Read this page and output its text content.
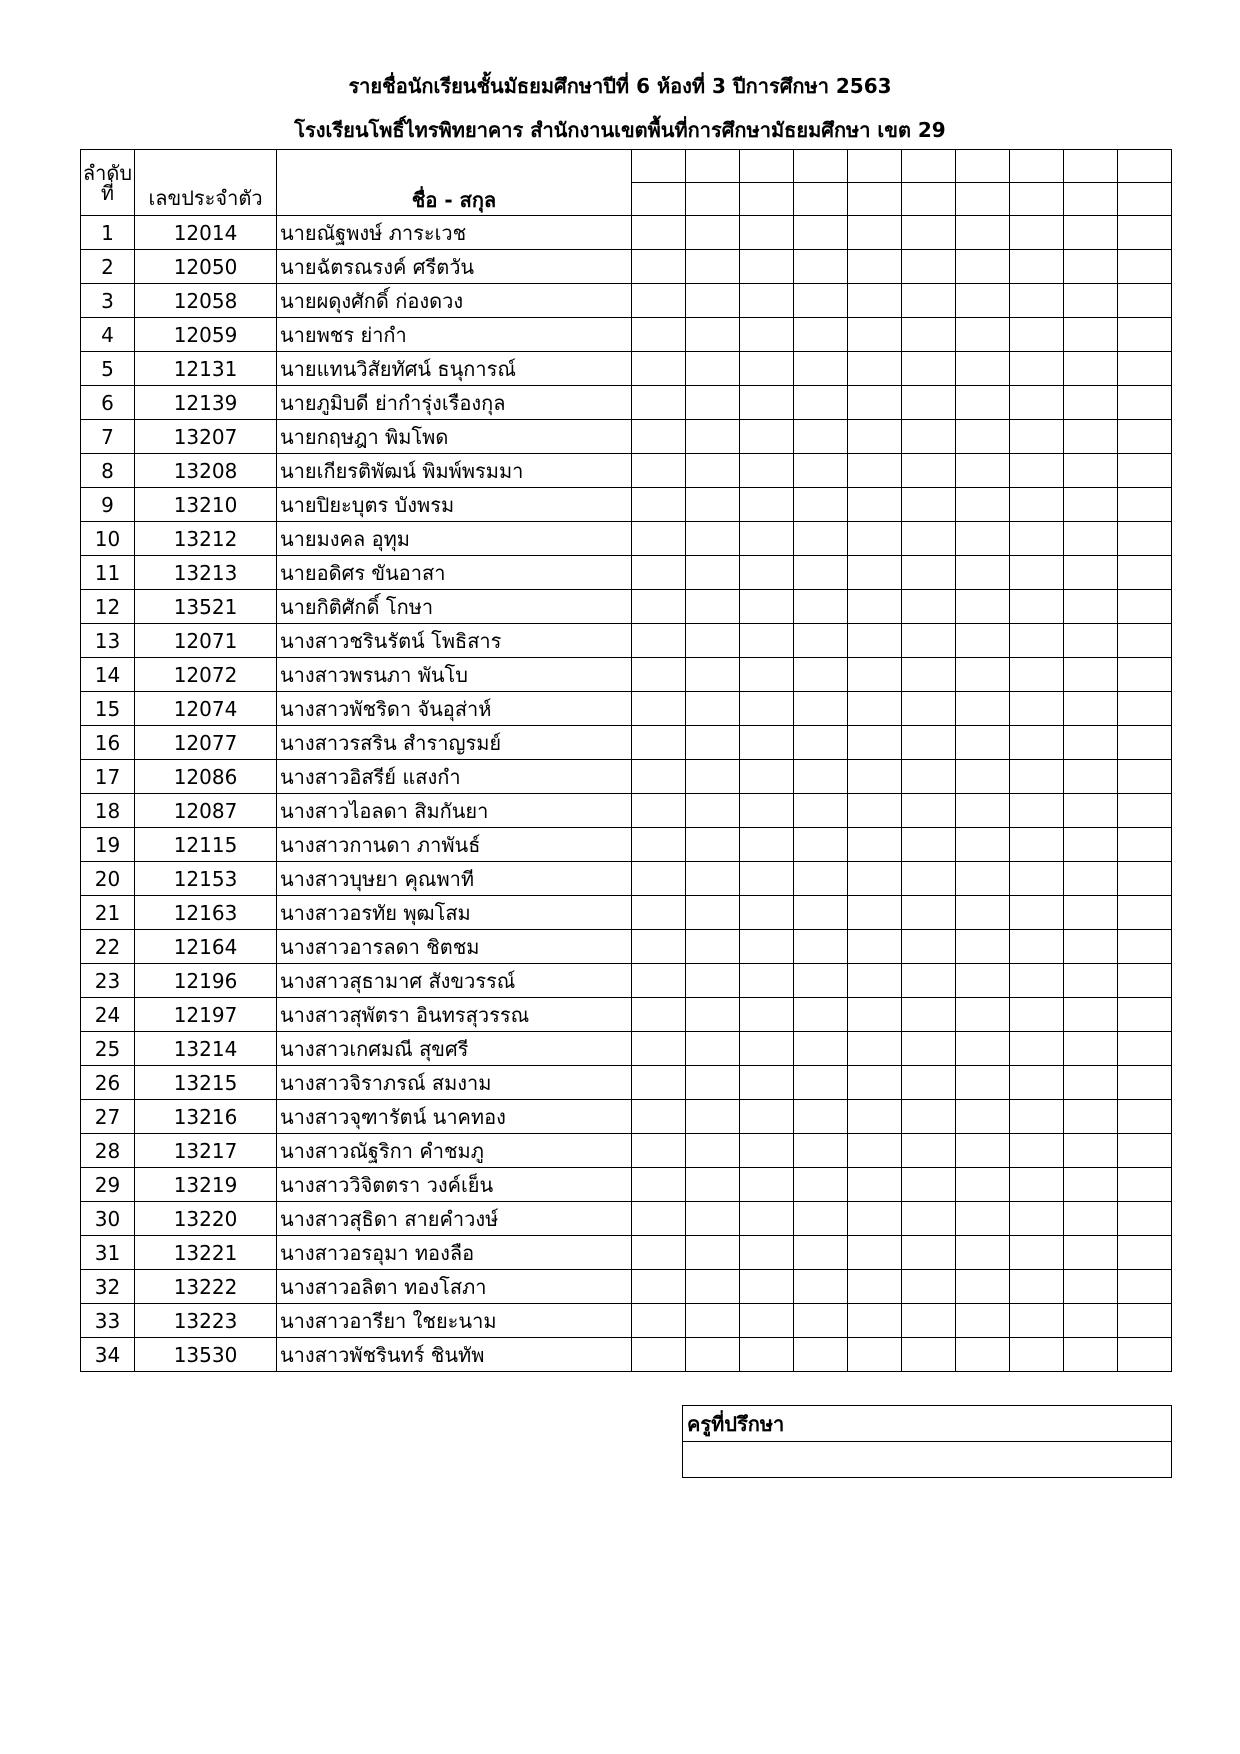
รายชื่อนักเรียนชั้นมัธยมศึกษาปีที่ 6 ห้องที่ 3 ปีการศึกษา 2563
โรงเรียนโพธิ์ไทรพิทยาคาร สำนักงานเขตพื้นที่การศึกษามัธยมศึกษา เขต 29
ลำดับ
ที่	เลขประจำตัว	ชื่อ - สกุล										

1	12014	นายณัฐพงษ์ ภาระเวช										
2	12050	นายฉัตรณรงค์ ศรีตวัน										
3	12058	นายผดุงศักดิ์ ก่องดวง										
4	12059	นายพชร ย่ากำ										
5	12131	นายแทนวิสัยทัศน์ ธนุการณ์										
6	12139	นายภูมิบดี ย่ากำรุ่งเรืองกุล										
7	13207	นายกฤษฎา พิมโพด										
8	13208	นายเกียรติพัฒน์ พิมพ์พรมมา										
9	13210	นายปิยะบุตร บังพรม										
10	13212	นายมงคล อุทุม										
11	13213	นายอดิศร ขันอาสา										
12	13521	นายกิติศักดิ์ โกษา										
13	12071	นางสาวชรินรัตน์ โพธิสาร										
14	12072	นางสาวพรนภา พันโบ										
15	12074	นางสาวพัชริดา จันอุส่าห์										
16	12077	นางสาวรสริน สำราญรมย์										
17	12086	นางสาวอิสรีย์ แสงกำ										
18	12087	นางสาวไอลดา สิมกันยา										
19	12115	นางสาวกานดา ภาพันธ์										
20	12153	นางสาวบุษยา คุณพาที										
21	12163	นางสาวอรทัย พุฒโสม										
22	12164	นางสาวอารลดา ชิตชม										
23	12196	นางสาวสุธามาศ สังขวรรณ์										
24	12197	นางสาวสุพัตรา อินทรสุวรรณ										
25	13214	นางสาวเกศมณี สุขศรี										
26	13215	นางสาวจิราภรณ์ สมงาม										
27	13216	นางสาวจุฑารัตน์ นาคทอง										
28	13217	นางสาวณัฐริกา คำชมภู										
29	13219	นางสาววิจิตตรา วงค์เย็น										
30	13220	นางสาวสุธิดา สายคำวงษ์										
31	13221	นางสาวอรอุมา ทองลือ										
32	13222	นางสาวอลิตา ทองโสภา										
33	13223	นางสาวอารียา ใชยะนาม										
34	13530	นางสาวพัชรินทร์ ชินทัพ										
ครูที่ปรึกษา
